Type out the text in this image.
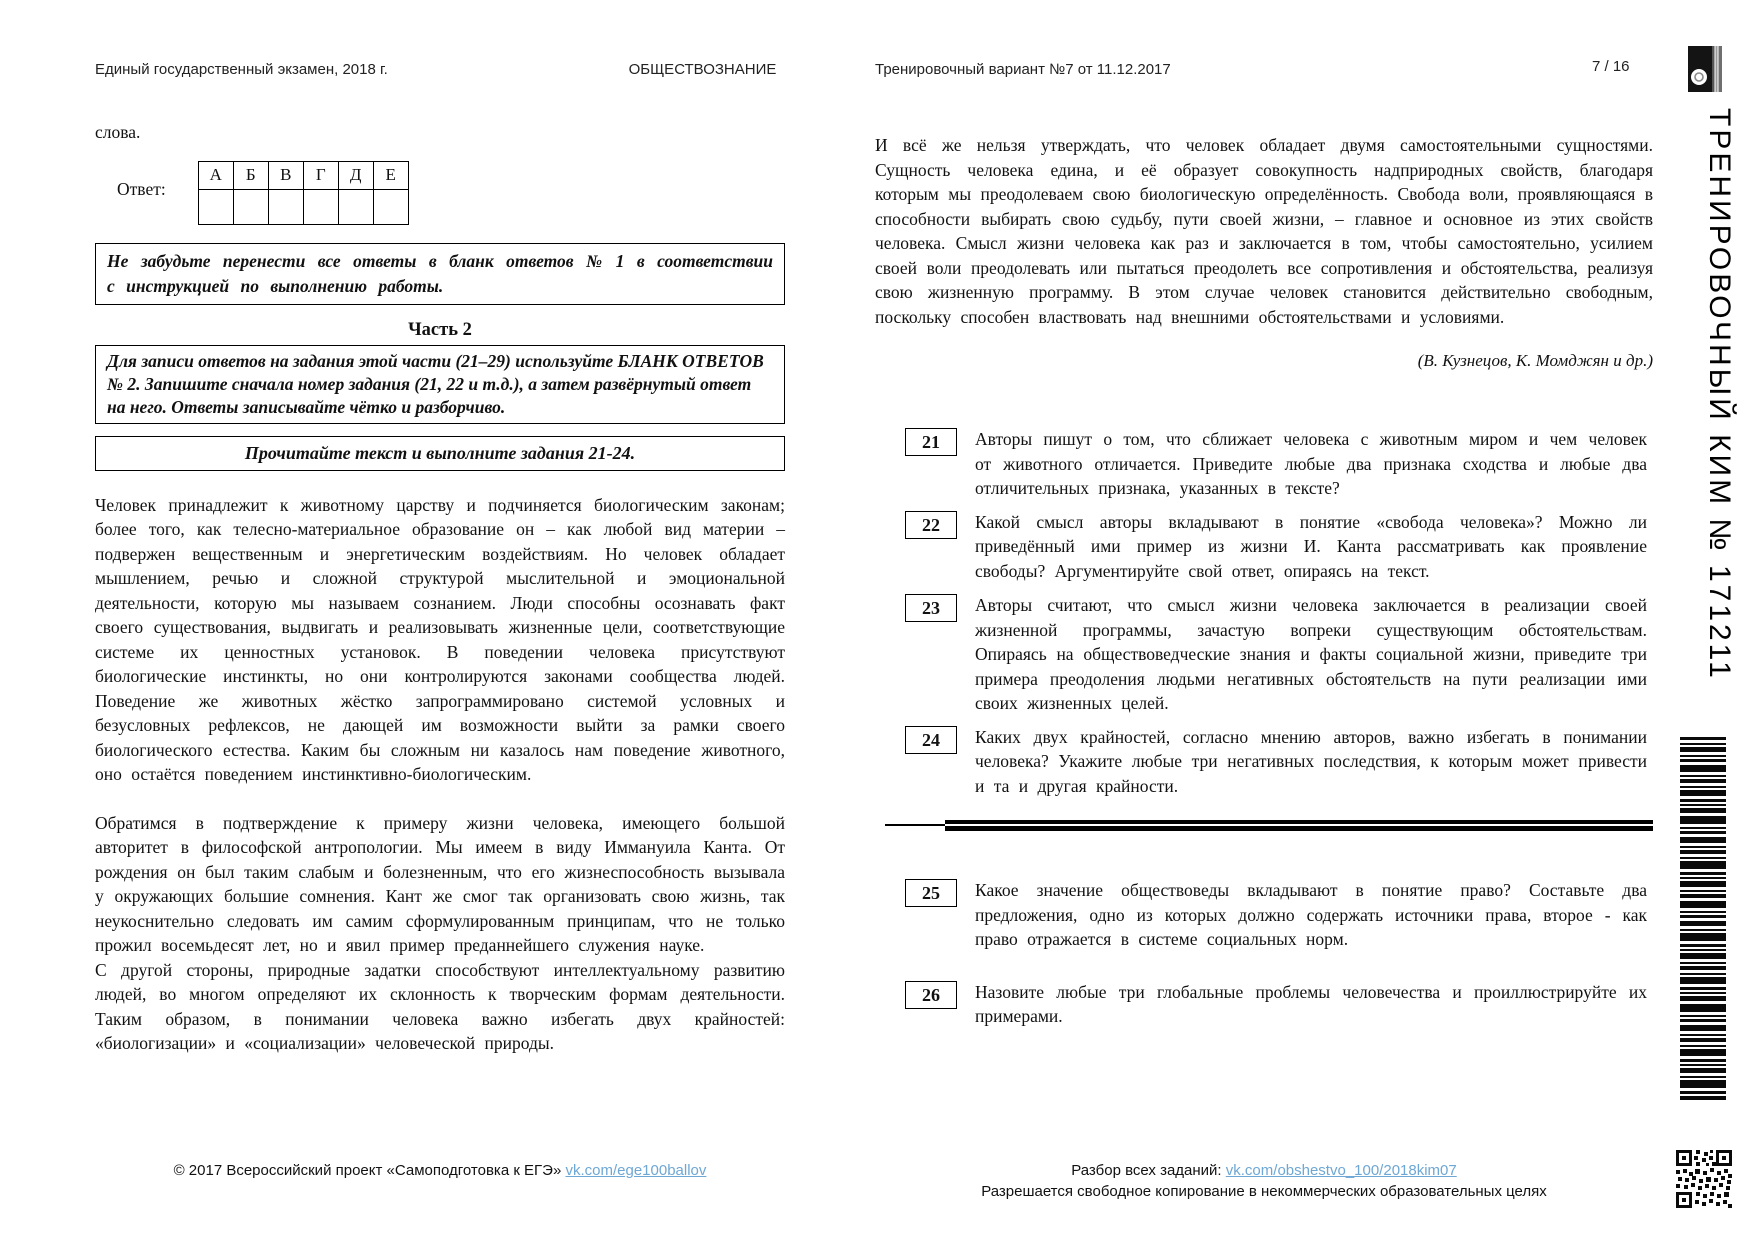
Единый государственный экзамен, 2018 г.	ОБЩЕСТВОЗНАНИЕ	Тренировочный вариант №7 от 11.12.2017	7 / 16
слова.
Ответ:
А	Б	В	Г	Д	Е

Не забудьте перенести все ответы в бланк ответов № 1 в соответствии с инструкцией по выполнению работы.
Часть 2
Для записи ответов на задания этой части (21–29) используйте БЛАНК ОТВЕТОВ № 2. Запишите сначала номер задания (21, 22 и т.д.), а затем развёрнутый ответ на него. Ответы записывайте чётко и разборчиво.
Прочитайте текст и выполните задания 21-24.

Человек принадлежит к животному царству и подчиняется биологическим законам; более того, как телесно-материальное образование он – как любой вид материи – подвержен вещественным и энергетическим воздействиям. Но человек обладает мышлением, речью и сложной структурой мыслительной и эмоциональной деятельности, которую мы называем сознанием. Люди способны осознавать факт своего существования, выдвигать и реализовывать жизненные цели, соответствующие системе их ценностных установок. В поведении человека присутствуют биологические инстинкты, но они контролируются законами сообщества людей. Поведение же животных жёстко запрограммировано системой условных и безусловных рефлексов, не дающей им возможности выйти за рамки своего биологического естества. Каким бы сложным ни казалось нам поведение животного, оно остаётся поведением инстинктивно-биологическим.

Обратимся в подтверждение к примеру жизни человека, имеющего большой авторитет в философской антропологии. Мы имеем в виду Иммануила Канта. От рождения он был таким слабым и болезненным, что его жизнеспособность вызывала у окружающих большие сомнения. Кант же смог так организовать свою жизнь, так неукоснительно следовать им самим сформулированным принципам, что не только прожил восемьдесят лет, но и явил пример преданнейшего служения науке.

С другой стороны, природные задатки способствуют интеллектуальному развитию людей, во многом определяют их склонность к творческим формам деятельности. Таким образом, в понимании человека важно избегать двух крайностей: «биологизации» и «социализации» человеческой природы.

И всё же нельзя утверждать, что человек обладает двумя самостоятельными сущностями. Сущность человека едина, и её образует совокупность надприродных свойств, благодаря которым мы преодолеваем свою биологическую определённость. Свобода воли, проявляющаяся в способности выбирать свою судьбу, пути своей жизни, – главное и основное из этих свойств человека. Смысл жизни человека как раз и заключается в том, чтобы самостоятельно, усилием своей воли преодолевать или пытаться преодолеть все сопротивления и обстоятельства, реализуя свою жизненную программу. В этом случае человек становится действительно свободным, поскольку способен властвовать над внешними обстоятельствами и условиями.

(В. Кузнецов, К. Момджян и др.)
21	Авторы пишут о том, что сближает человека с животным миром и чем человек от животного отличается. Приведите любые два признака сходства и любые два отличительных признака, указанных в тексте?

22	Какой смысл авторы вкладывают в понятие «свобода человека»? Можно ли приведённый ими пример из жизни И. Канта рассматривать как проявление свободы? Аргументируйте свой ответ, опираясь на текст.

23	Авторы считают, что смысл жизни человека заключается в реализации своей жизненной программы, зачастую вопреки существующим обстоятельствам. Опираясь на обществоведческие знания и факты социальной жизни, приведите три примера преодоления людьми негативных обстоятельств на пути реализации ими своих жизненных целей.

24	Каких двух крайностей, согласно мнению авторов, важно избегать в понимании человека? Укажите любые три негативных последствия, к которым может привести и та и другая крайности.

25	Какое значение обществоведы вкладывают в понятие право? Составьте два предложения, одно из которых должно содержать источники права, второе - как право отражается в системе социальных норм.

26	Назовите любые три глобальные проблемы человечества и проиллюстрируйте их примерами.

© 2017 Всероссийский проект «Самоподготовка к ЕГЭ» vk.com/ege100ballov	Разбор всех заданий: vk.com/obshestvo_100/2018kim07
Разрешается свободное копирование в некоммерческих образовательных целях
ТРЕНИРОВОЧНЫЙ КИМ № 171211
